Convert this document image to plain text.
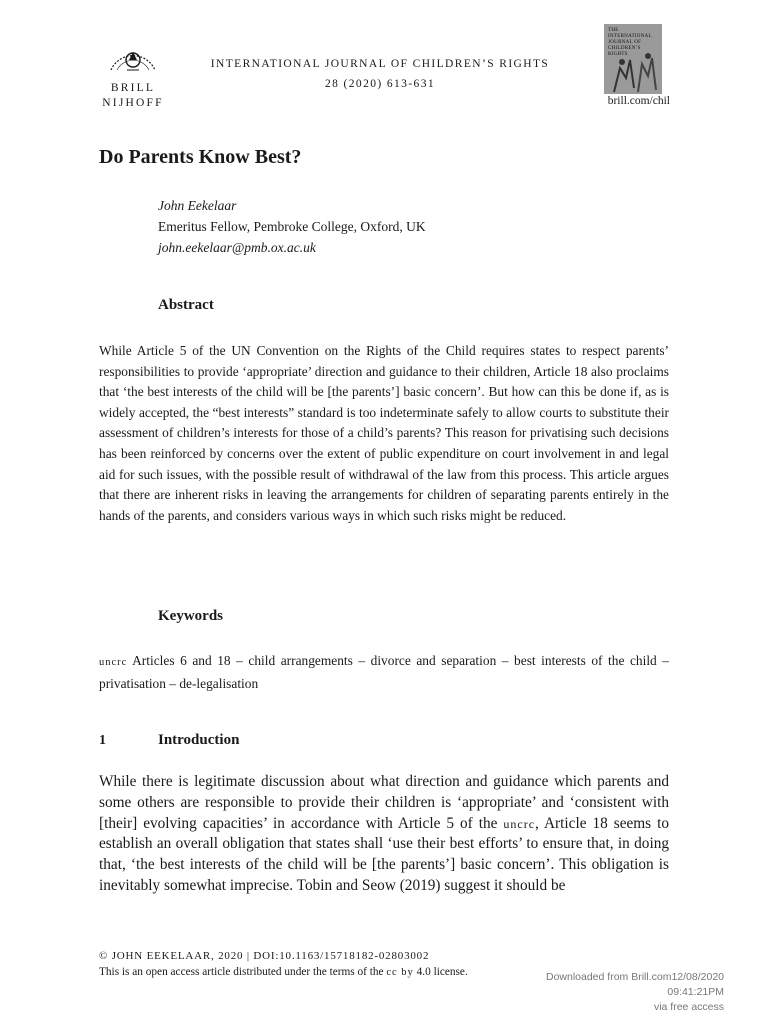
BRILL
NIJHOFF
INTERNATIONAL JOURNAL OF CHILDREN’S RIGHTS
28 (2020) 613-631
THE INTERNATIONAL JOURNAL OF CHILDREN’S RIGHTS
brill.com/chil
Do Parents Know Best?
John Eekelaar
Emeritus Fellow, Pembroke College, Oxford, UK
john.eekelaar@pmb.ox.ac.uk
Abstract
While Article 5 of the UN Convention on the Rights of the Child requires states to respect parents’ responsibilities to provide ‘appropriate’ direction and guidance to their children, Article 18 also proclaims that ‘the best interests of the child will be [the parents’] basic concern’. But how can this be done if, as is widely accepted, the “best interests” standard is too indeterminate safely to allow courts to substitute their assessment of children’s interests for those of a child’s parents? This reason for privatising such decisions has been reinforced by concerns over the extent of public expenditure on court involvement in and legal aid for such issues, with the possible result of withdrawal of the law from this process. This article argues that there are inherent risks in leaving the arrangements for children of separating parents entirely in the hands of the parents, and considers various ways in which such risks might be reduced.
Keywords
uncrc Articles 6 and 18 – child arrangements – divorce and separation – best interests of the child – privatisation – de-legalisation
1	Introduction
While there is legitimate discussion about what direction and guidance which parents and some others are responsible to provide their children is ‘appropriate’ and ‘consistent with [their] evolving capacities’ in accordance with Article 5 of the uncrc, Article 18 seems to establish an overall obligation that states shall ‘use their best efforts’ to ensure that, in doing that, ‘the best interests of the child will be [the parents’] basic concern’. This obligation is inevitably somewhat imprecise. Tobin and Seow (2019) suggest it should be
© JOHN EEKELAAR, 2020 | DOI:10.1163/15718182-02803002
This is an open access article distributed under the terms of the cc by 4.0 license.	Downloaded from Brill.com12/08/2020 09:41:21PM
via free access
